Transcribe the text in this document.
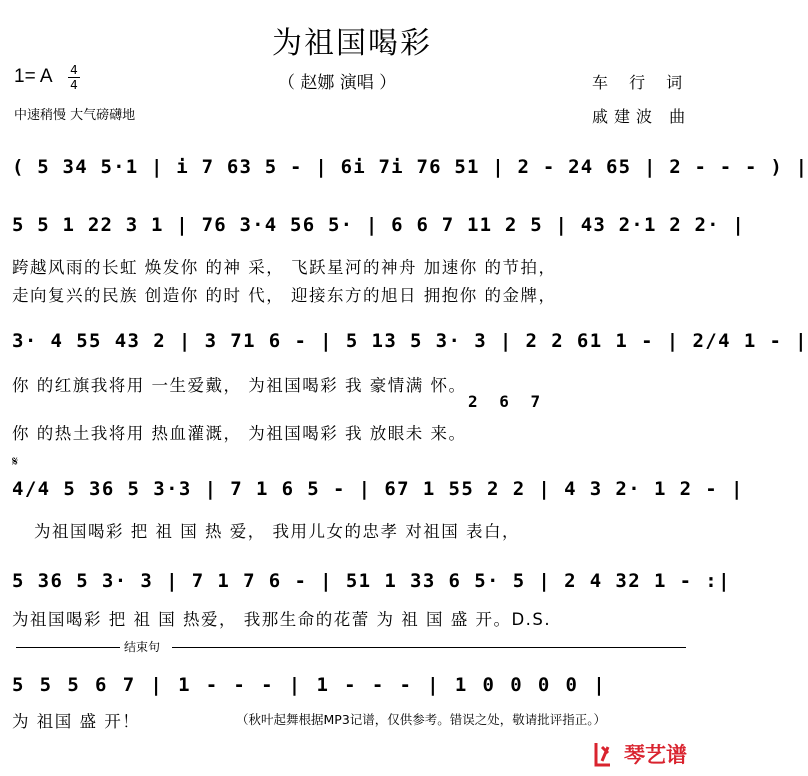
为祖国喝彩
（ 赵娜 演唱 ）
1= A 4
4
中速稍慢 大气磅礴地
车 行 词
戚建波 曲
( 5 34 5·1 | i 7 63 5 - | 6i 7i 76 51 | 2 - 24 65 | 2 - - - ) |
5 5 1 22 3 1 | 76 3·4 56 5· | 6 6 7 11 2 5 | 43 2·1 2 2· |
跨越风雨的长虹 焕发你 的神 采， 飞跃星河的神舟 加速你 的节拍，
走向复兴的民族 创造你 的时 代， 迎接东方的旭日 拥抱你 的金牌，
3· 4 55 43 2 | 3 71 6 - | 5 13 5 3· 3 | 2 2 61 1 - | 2/4 1 - |
你 的红旗我将用 一生爱戴， 为祖国喝彩 我 豪情满 怀。
2 6 7
你 的热土我将用 热血灌溉， 为祖国喝彩 我 放眼未 来。
𝄋
4/4 5 36 5 3·3 | 7 1 6 5 - | 67 1 55 2 2 | 4 3 2· 1 2 - |
为祖国喝彩 把 祖 国 热 爱， 我用儿女的忠孝 对祖国 表白，
5 36 5 3· 3 | 7 1 7 6 - | 51 1 33 6 5· 5 | 2 4 32 1 - :|
为祖国喝彩 把 祖 国 热爱， 我那生命的花蕾 为 祖 国 盛 开。D.S.
结束句
5 5 5 6 7 | 1 - - - | 1 - - - | 1 0 0 0 0 |
为 祖国 盛 开！	（秋叶起舞根据MP3记谱，仅供参考。错误之处，敬请批评指正。）
琴艺谱
